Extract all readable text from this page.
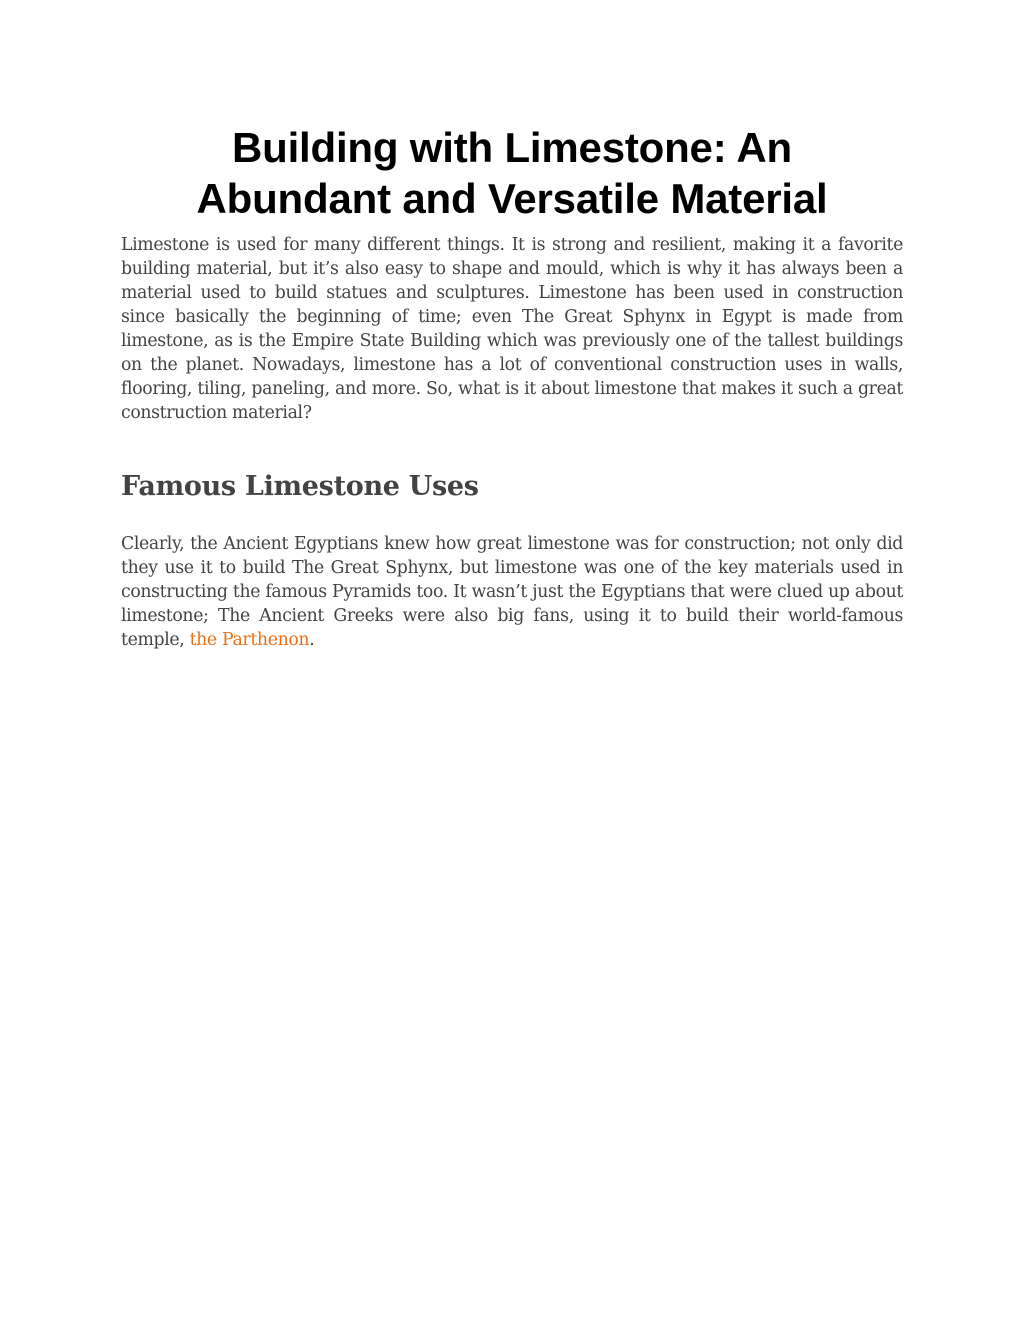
Building with Limestone: An
Abundant and Versatile Material

Limestone is used for many different things. It is strong and resilient, making it a favorite building material, but it’s also easy to shape and mould, which is why it has always been a material used to build statues and sculptures. Limestone has been used in construction since basically the beginning of time; even The Great Sphynx in Egypt is made from limestone, as is the Empire State Building which was previously one of the tallest buildings on the planet. Nowadays, limestone has a lot of conventional construction uses in walls, flooring, tiling, paneling, and more. So, what is it about limestone that makes it such a great construction material?

Famous Limestone Uses

Clearly, the Ancient Egyptians knew how great limestone was for construction; not only did they use it to build The Great Sphynx, but limestone was one of the key materials used in constructing the famous Pyramids too. It wasn’t just the Egyptians that were clued up about limestone; The Ancient Greeks were also big fans, using it to build their world-famous temple, the Parthenon.
